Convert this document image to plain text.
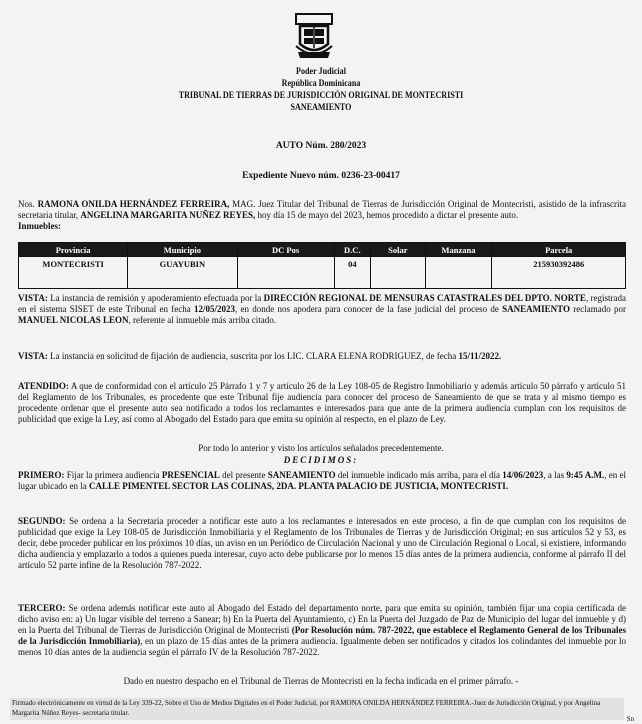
Poder Judicial
República Dominicana
TRIBUNAL DE TIERRAS DE JURISDICCIÓN ORIGINAL DE MONTECRISTI
SANEAMIENTO
AUTO Núm. 280/2023
Expediente Nuevo núm. 0236-23-00417
Nos. RAMONA ONILDA HERNÁNDEZ FERREIRA, MAG. Juez Titular del Tribunal de Tierras de Jurisdicción Original de Montecristi, asistido de la infrascrita secretaria titular, ANGELINA MARGARITA NUÑEZ REYES, hoy día 15 de mayo del 2023, hemos procedido a dictar el presente auto.
Inmuebles:
Provincia	Municipio	DC Pos	D.C.	Solar	Manzana	Parcela
MONTECRISTI	GUAYUBIN		04			215930392486
VISTA: La instancia de remisión y apoderamiento efectuada por la DIRECCIÓN REGIONAL DE MENSURAS CATASTRALES DEL DPTO. NORTE, registrada en el sistema SISET de este Tribunal en fecha 12/05/2023, en donde nos apodera para conocer de la fase judicial del proceso de SANEAMIENTO reclamado por MANUEL NICOLAS LEON, referente al inmueble más arriba citado.
VISTA: La instancia en solicitud de fijación de audiencia, suscrita por los LIC. CLARA ELENA RODRIGUEZ, de fecha 15/11/2022.
ATENDIDO: A que de conformidad con el artículo 25 Párrafo 1 y 7 y artículo 26 de la Ley 108-05 de Registro Inmobiliario y además artículo 50 párrafo y artículo 51 del Reglamento de los Tribunales, es procedente que este Tribunal fije audiencia para conocer del proceso de Saneamiento de que se trata y al mismo tiempo es procedente ordenar que el presente auto sea notificado a todos los reclamantes e interesados para que ante de la primera audiencia cumplan con los requisitos de publicidad que exige la Ley, así como al Abogado del Estado para que emita su opinión al respecto, en el plazo de Ley.
Por todo lo anterior y visto los artículos señalados precedentemente.
DECIDIMOS:
PRIMERO: Fijar la primera audiencia PRESENCIAL del presente SANEAMIENTO del inmueble indicado más arriba, para el día 14/06/2023, a las 9:45 A.M., en el lugar ubicado en la CALLE PIMENTEL SECTOR LAS COLINAS, 2DA. PLANTA PALACIO DE JUSTICIA, MONTECRISTI.
SEGUNDO: Se ordena a la Secretaria proceder a notificar este auto a los reclamantes e interesados en este proceso, a fin de que cumplan con los requisitos de publicidad que exige la Ley 108-05 de Jurisdicción Inmobiliaria y el Reglamento de los Tribunales de Tierras y de Jurisdicción Original; en sus artículos 52 y 53, es decir, debe proceder publicar en los próximos 10 días, un aviso en un Periódico de Circulación Nacional y uno de Circulación Regional o Local, si existiere, informando dicha audiencia y emplazarlo a todos a quienes pueda interesar, cuyo acto debe publicarse por lo menos 15 días antes de la primera audiencia, conforme al párrafo II del artículo 52 parte infine de la Resolución 787-2022.
TERCERO: Se ordena además notificar este auto al Abogado del Estado del departamento norte, para que emita su opinión, también fijar una copia certificada de dicho aviso en: a) Un lugar visible del terreno a Sanear; b) En la Puerta del Ayuntamiento, c) En la Puerta del Juzgado de Paz de Municipio del lugar del inmueble y d) en la Puerta del Tribunal de Tierras de Jurisdicción Original de Montecristi (Por Resolución núm. 787-2022, que establece el Reglamento General de los Tribunales de la Jurisdicción Inmobiliaria), en un plazo de 15 días antes de la primera audiencia. Igualmente deben ser notificados y citados los colindantes del inmueble por lo menos 10 días antes de la audiencia según el párrafo IV de la Resolución 787-2022.
Dado en nuestro despacho en el Tribunal de Tierras de Montecristi en la fecha indicada en el primer párrafo. -
Firmado electrónicamente en virtud de la Ley 339-22, Sobre el Uso de Medios Digitales en el Poder Judicial, por RAMONA ONILDA HERNÁNDEZ FERREIRA.-Juez de Jurisdicción Original, y por Angelina Margarita Núñez Reyes- secretaria titular.
Sn
